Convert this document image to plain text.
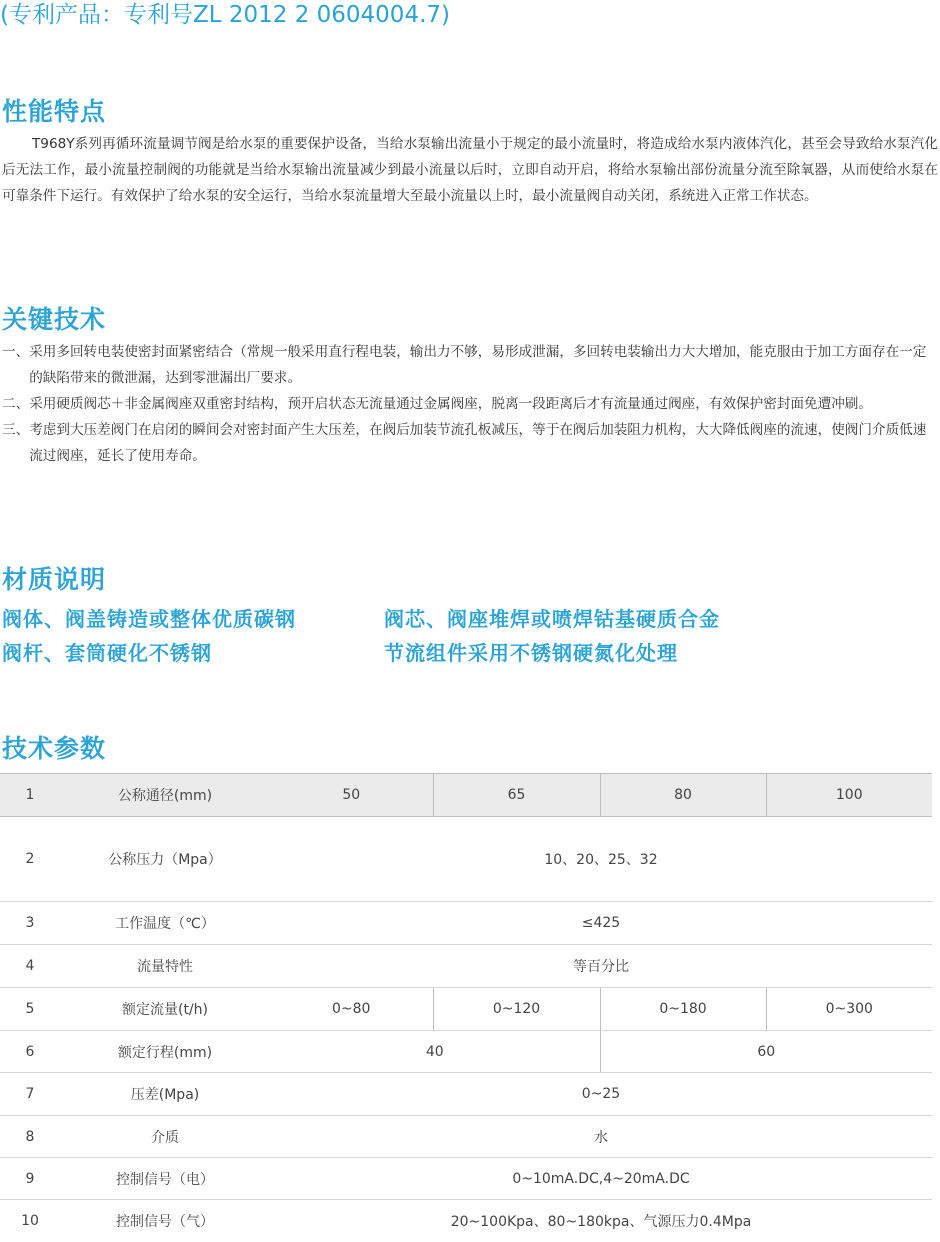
(专利产品：专利号ZL 2012 2 0604004.7)
性能特点
T968Y系列再循环流量调节阀是给水泵的重要保护设备，当给水泵输出流量小于规定的最小流量时，将造成给水泵内液体汽化，甚至会导致给水泵汽化后无法工作，最小流量控制阀的功能就是当给水泵输出流量减少到最小流量以后时，立即自动开启，将给水泵输出部份流量分流至除氧器，从而使给水泵在可靠条件下运行。有效保护了给水泵的安全运行，当给水泵流量增大至最小流量以上时，最小流量阀自动关闭，系统进入正常工作状态。
关键技术
一、 采用多回转电装使密封面紧密结合（常规一般采用直行程电装，输出力不够，易形成泄漏，多回转电装输出力大大增加，能克服由于加工方面存在一定的缺陷带来的微泄漏，达到零泄漏出厂要求。
二、 采用硬质阀芯＋非金属阀座双重密封结构，预开启状态无流量通过金属阀座，脱离一段距离后才有流量通过阀座，有效保护密封面免遭冲刷。
三、 考虑到大压差阀门在启闭的瞬间会对密封面产生大压差，在阀后加装节流孔板减压，等于在阀后加装阻力机构，大大降低阀座的流速，使阀门介质低速流过阀座，延长了使用寿命。
材质说明
阀体、阀盖铸造或整体优质碳钢	阀芯、阀座堆焊或喷焊钴基硬质合金
阀杆、套筒硬化不锈钢	节流组件采用不锈钢硬氮化处理
技术参数
1	公称通径(mm)	50	65	80	100
2	公称压力（Mpa）	10、20、25、32			
3	工作温度（℃）	≤425			
4	流量特性	等百分比			
5	额定流量(t/h)	0~80	0~120	0~180	0~300
6	额定行程(mm)	40		60	
7	压差(Mpa)	0~25			
8	介质	水			
9	控制信号（电）	0~10mA.DC,4~20mA.DC			
10	控制信号（气）	20~100Kpa、80~180kpa、气源压力0.4Mpa			
